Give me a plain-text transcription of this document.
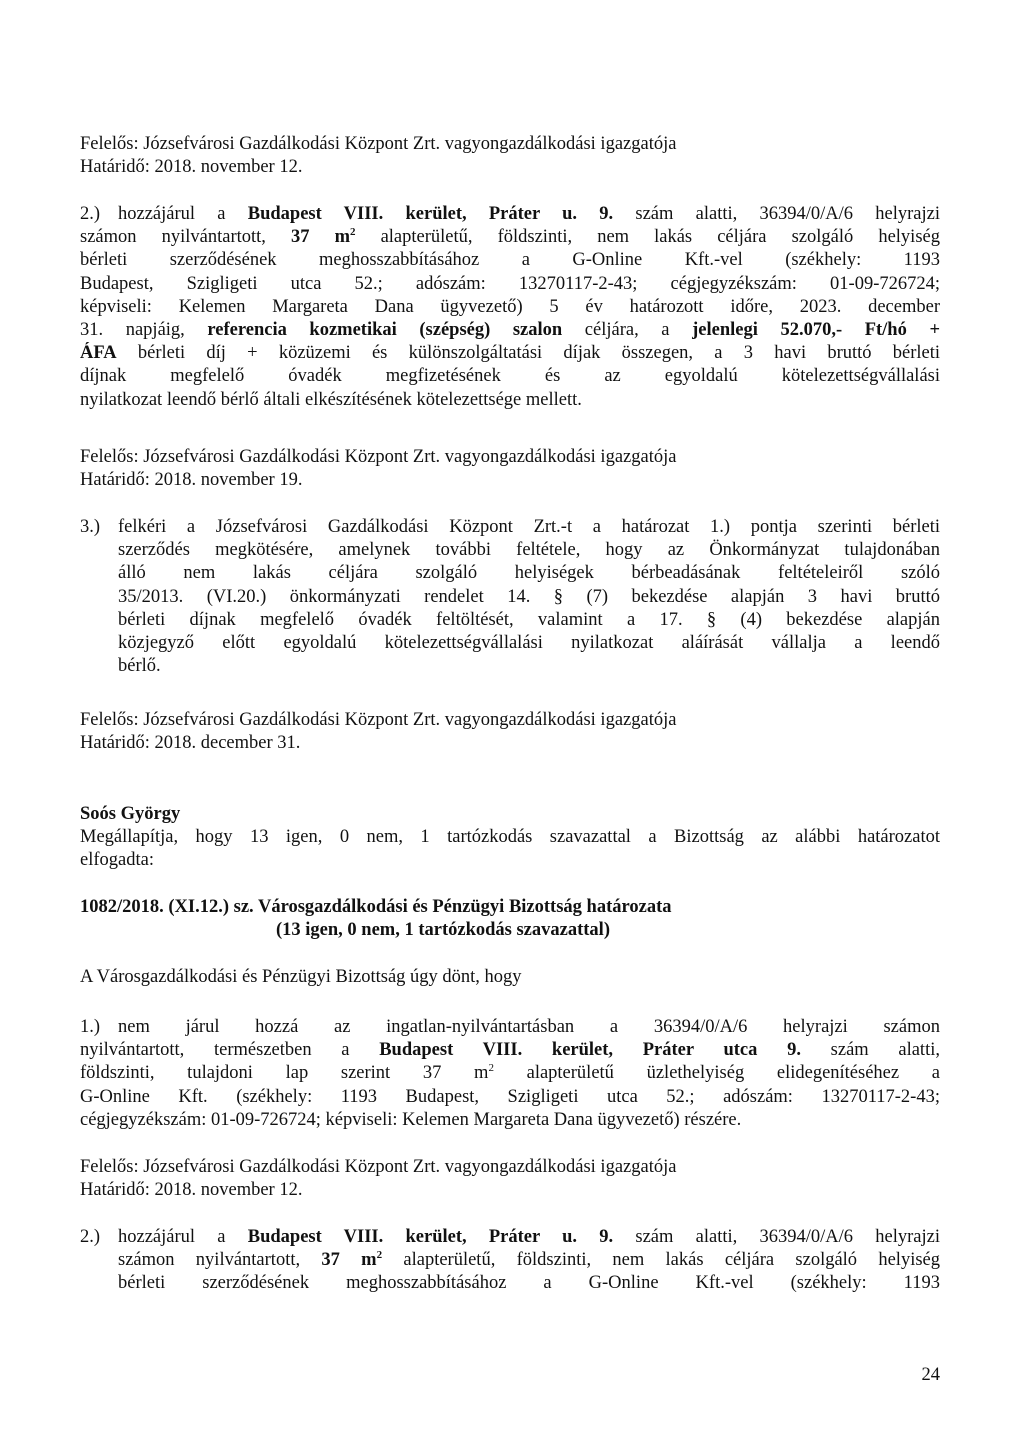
Felelős: Józsefvárosi Gazdálkodási Központ Zrt. vagyongazdálkodási igazgatója
Határidő: 2018. november 12.
2.) hozzájárul a Budapest VIII. kerület, Práter u. 9. szám alatti, 36394/0/A/6 helyrajzi
számon nyilvántartott, 37 $m^2$ alapterületű, földszinti, nem lakás céljára szolgáló helyiség
bérleti szerződésének meghosszabbításához a G-Online Kft.-vel (székhely: 1193
Budapest, Szigligeti utca 52.; adószám: 13270117-2-43; cégjegyzékszám: 01-09-726724;
képviseli: Kelemen Margareta Dana ügyvezető) 5 év határozott időre, 2023. december
31. napjáig, referencia kozmetikai (szépség) szalon céljára, a jelenlegi 52.070,- Ft/hó +
ÁFA bérleti díj + közüzemi és különszolgáltatási díjak összegen, a 3 havi bruttó bérleti
díjnak megfelelő óvadék megfizetésének és az egyoldalú kötelezettségvállalási
nyilatkozat leendő bérlő általi elkészítésének kötelezettsége mellett.
Felelős: Józsefvárosi Gazdálkodási Központ Zrt. vagyongazdálkodási igazgatója
Határidő: 2018. november 19.
3.) felkéri a Józsefvárosi Gazdálkodási Központ Zrt.-t a határozat 1.) pontja szerinti bérleti
szerződés megkötésére, amelynek további feltétele, hogy az Önkormányzat tulajdonában
álló nem lakás céljára szolgáló helyiségek bérbeadásának feltételeiről szóló
35/2013. (VI.20.) önkormányzati rendelet 14. § (7) bekezdése alapján 3 havi bruttó
bérleti díjnak megfelelő óvadék feltöltését, valamint a 17. § (4) bekezdése alapján
közjegyző előtt egyoldalú kötelezettségvállalási nyilatkozat aláírását vállalja a leendő
bérlő.
Felelős: Józsefvárosi Gazdálkodási Központ Zrt. vagyongazdálkodási igazgatója
Határidő: 2018. december 31.
Soós György
Megállapítja, hogy 13 igen, 0 nem, 1 tartózkodás szavazattal a Bizottság az alábbi határozatot
elfogadta:
1082/2018. (XI.12.) sz. Városgazdálkodási és Pénzügyi Bizottság határozata
(13 igen, 0 nem, 1 tartózkodás szavazattal)
A Városgazdálkodási és Pénzügyi Bizottság úgy dönt, hogy
1.) nem járul hozzá az ingatlan-nyilvántartásban a 36394/0/A/6 helyrajzi számon
nyilvántartott, természetben a Budapest VIII. kerület, Práter utca 9. szám alatti,
földszinti, tulajdoni lap szerint 37 $m^2$ alapterületű üzlethelyiség elidegenítéséhez a
G-Online Kft. (székhely: 1193 Budapest, Szigligeti utca 52.; adószám: 13270117-2-43;
cégjegyzékszám: 01-09-726724; képviseli: Kelemen Margareta Dana ügyvezető) részére.
Felelős: Józsefvárosi Gazdálkodási Központ Zrt. vagyongazdálkodási igazgatója
Határidő: 2018. november 12.
2.) hozzájárul a Budapest VIII. kerület, Práter u. 9. szám alatti, 36394/0/A/6 helyrajzi
számon nyilvántartott, 37 $m^2$ alapterületű, földszinti, nem lakás céljára szolgáló helyiség
bérleti szerződésének meghosszabbításához a G-Online Kft.-vel (székhely: 1193
24
